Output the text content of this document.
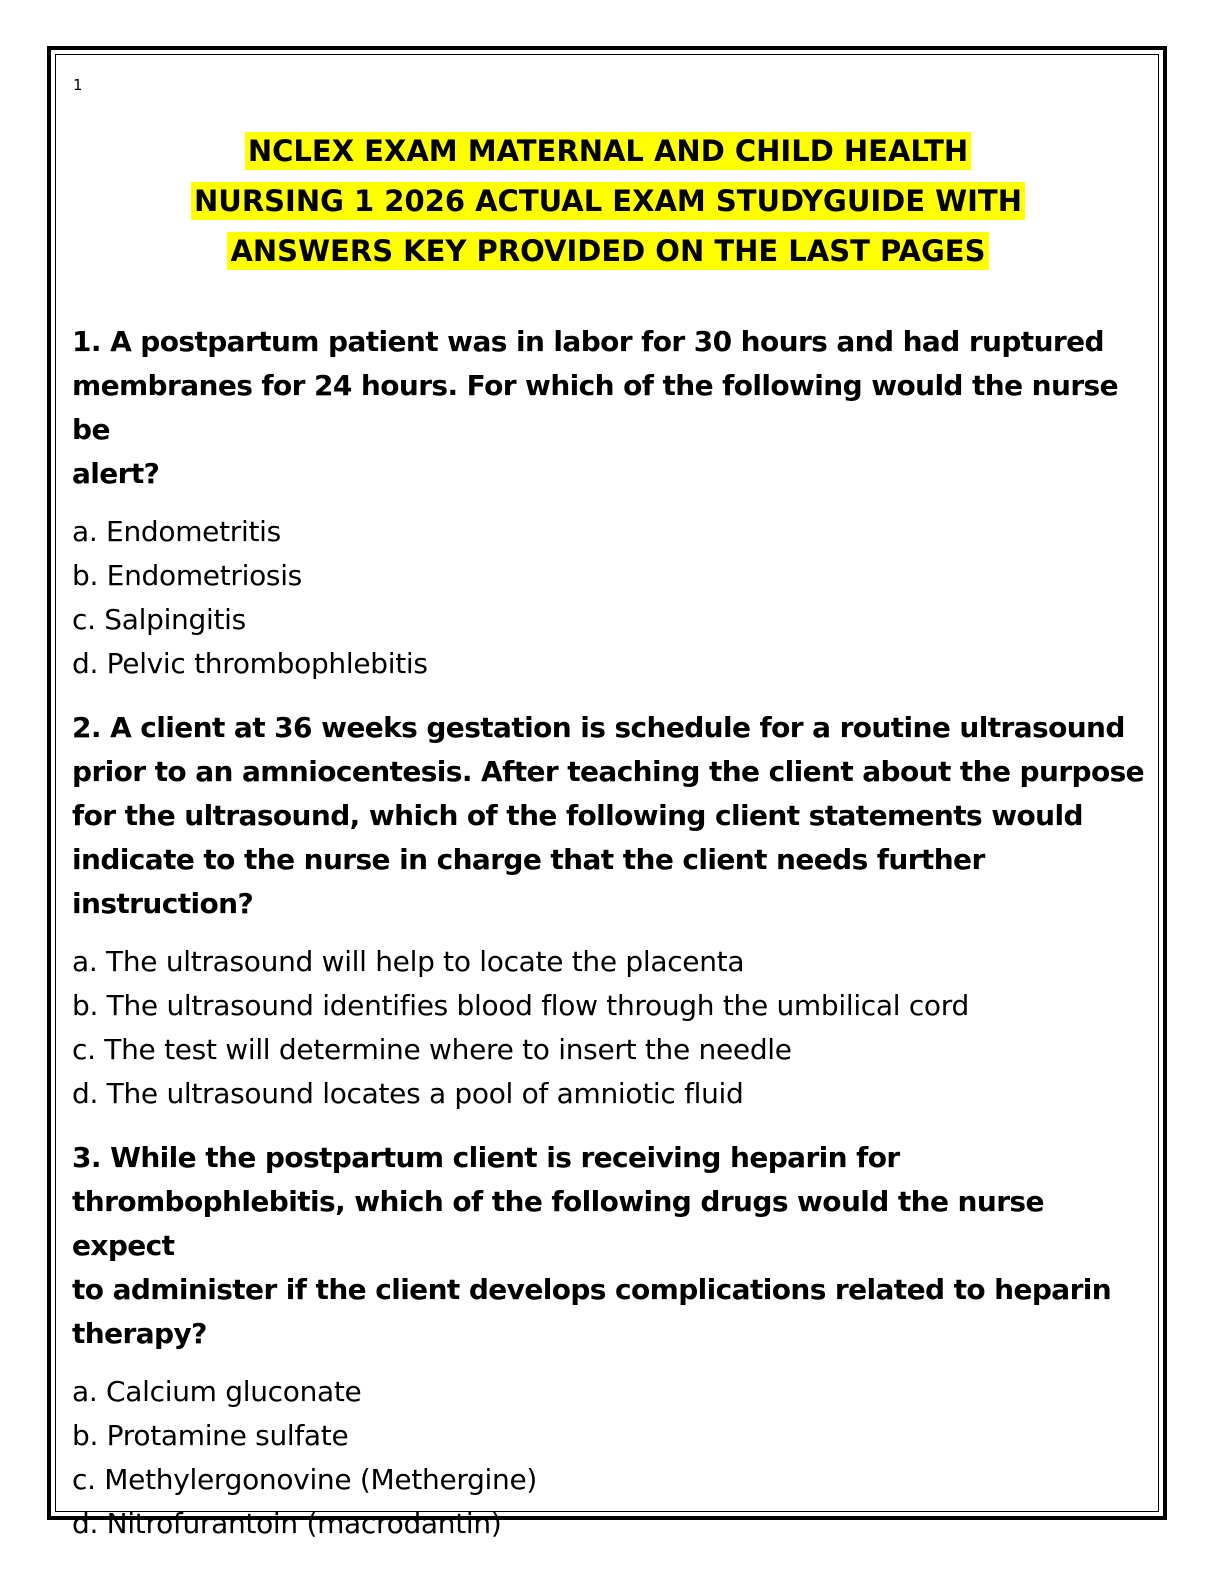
1
NCLEX EXAM MATERNAL AND CHILD HEALTH
NURSING 1 2026 ACTUAL EXAM STUDYGUIDE WITH
ANSWERS KEY PROVIDED ON THE LAST PAGES
1. A postpartum patient was in labor for 30 hours and had ruptured
membranes for 24 hours. For which of the following would the nurse be
alert?
a. Endometritis
b. Endometriosis
c. Salpingitis
d. Pelvic thrombophlebitis
2. A client at 36 weeks gestation is schedule for a routine ultrasound
prior to an amniocentesis. After teaching the client about the purpose
for the ultrasound, which of the following client statements would
indicate to the nurse in charge that the client needs further instruction?
a. The ultrasound will help to locate the placenta
b. The ultrasound identifies blood flow through the umbilical cord
c. The test will determine where to insert the needle
d. The ultrasound locates a pool of amniotic fluid
3. While the postpartum client is receiving heparin for
thrombophlebitis, which of the following drugs would the nurse expect
to administer if the client develops complications related to heparin
therapy?
a. Calcium gluconate
b. Protamine sulfate
c. Methylergonovine (Methergine)
d. Nitrofurantoin (macrodantin)
